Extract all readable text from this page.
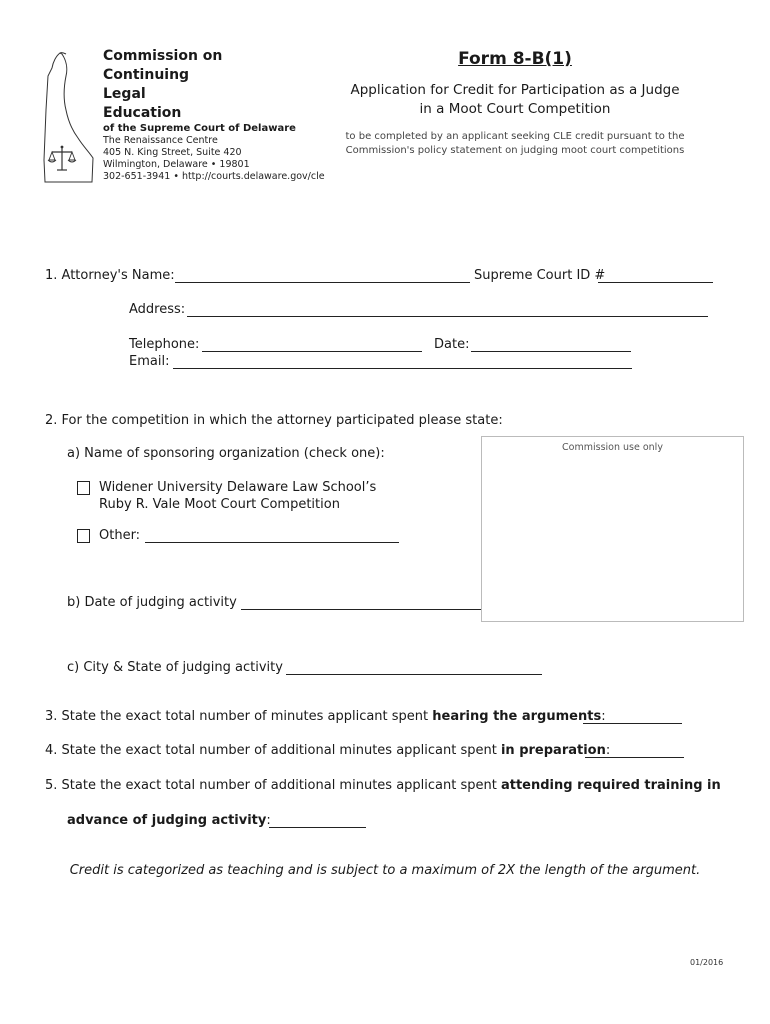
Commission on
Continuing
Legal
Education
of the Supreme Court of Delaware
The Renaissance Centre
405 N. King Street, Suite 420
Wilmington, Delaware • 19801
302-651-3941 • http://courts.delaware.gov/cle
Form 8-B(1)
Application for Credit for Participation as a Judge
in a Moot Court Competition
to be completed by an applicant seeking CLE credit pursuant to the
Commission's policy statement on judging moot court competitions
1. Attorney's Name:	Supreme Court ID #
Address:
Telephone:	Date:
Email:
2. For the competition in which the attorney participated please state:
Commission use only
a) Name of sponsoring organization (check one):
Widener University Delaware Law School’s
Ruby R. Vale Moot Court Competition
Other:
b) Date of judging activity
c) City & State of judging activity
3. State the exact total number of minutes applicant spent hearing the arguments:
4. State the exact total number of additional minutes applicant spent in preparation:
5. State the exact total number of additional minutes applicant spent attending required training in
advance of judging activity:
Credit is categorized as teaching and is subject to a maximum of 2X the length of the argument.
01/2016
